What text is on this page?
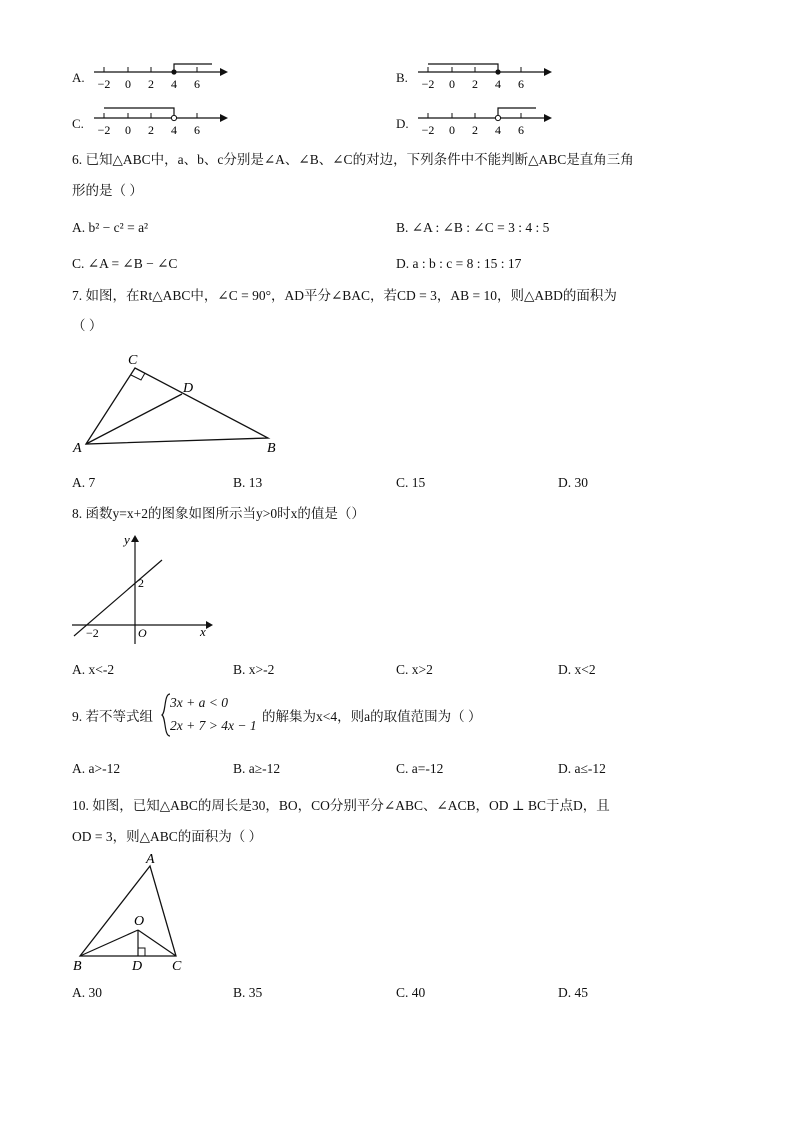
A. −2 0 2 4 6	B. −2 0 2 4 6
C. −2 0 2 4 6	D. −2 0 2 4 6
6. 已知△ABC中，a、b、c分别是∠A、∠B、∠C的对边，下列条件中不能判断△ABC是直角三角
形的是（ ）
A. b² − c² = a²	B. ∠A : ∠B : ∠C = 3 : 4 : 5
C. ∠A = ∠B − ∠C	D. a : b : c = 8 : 15 : 17
7. 如图，在Rt△ABC中，∠C = 90°，AD平分∠BAC，若CD = 3，AB = 10，则△ABD的面积为
（ ）
A	B
C
D
A. 7	B. 13	C. 15	D. 30
8. 函数y=x+2的图象如图所示当y>0时x的值是（）
y
x
2
−2	O
A. x<-2	B. x>-2	C. x>2	D. x<2
9. 若不等式组
3x + a < 0
2x + 7 > 4x − 1
的解集为x<4，则a的取值范围为（ ）
A. a>-12	B. a≥-12	C. a=-12	D. a≤-12
10. 如图，已知△ABC的周长是30，BO，CO分别平分∠ABC、∠ACB，OD ⊥ BC于点D，且
OD = 3，则△ABC的面积为（ ）
A
B	C
D
O
A. 30	B. 35	C. 40	D. 45
